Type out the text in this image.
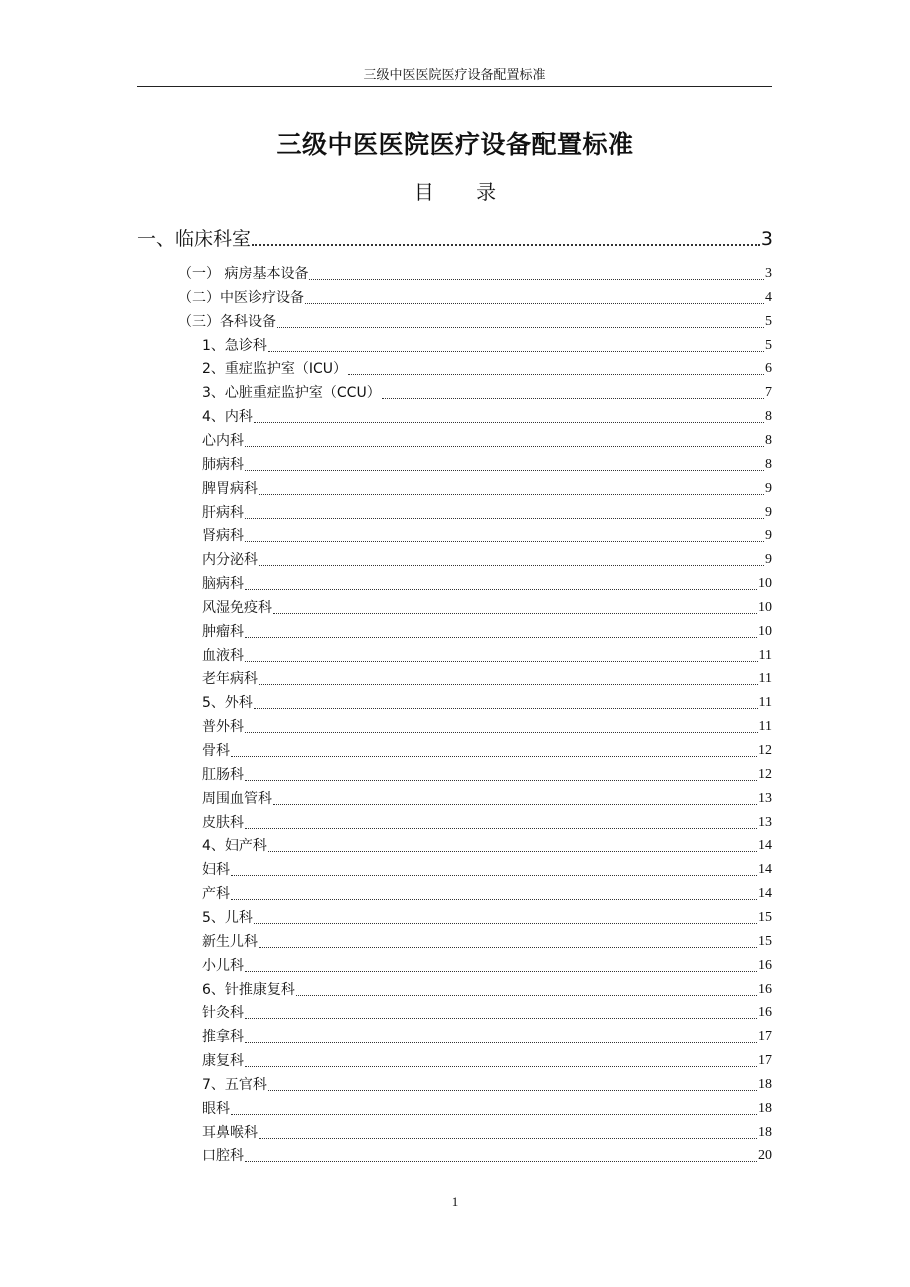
三级中医医院医疗设备配置标准
三级中医医院医疗设备配置标准
目 录
一、临床科室	3
（一） 病房基本设备	3
（二）中医诊疗设备	4
（三）各科设备	5
1、急诊科	5
2、重症监护室（ICU）	6
3、心脏重症监护室（CCU）	7
4、内科	8
心内科	8
肺病科	8
脾胃病科	9
肝病科	9
肾病科	9
内分泌科	9
脑病科	10
风湿免疫科	10
肿瘤科	10
血液科	11
老年病科	11
5、外科	11
普外科	11
骨科	12
肛肠科	12
周围血管科	13
皮肤科	13
4、妇产科	14
妇科	14
产科	14
5、儿科	15
新生儿科	15
小儿科	16
6、针推康复科	16
针灸科	16
推拿科	17
康复科	17
7、五官科	18
眼科	18
耳鼻喉科	18
口腔科	20
1
